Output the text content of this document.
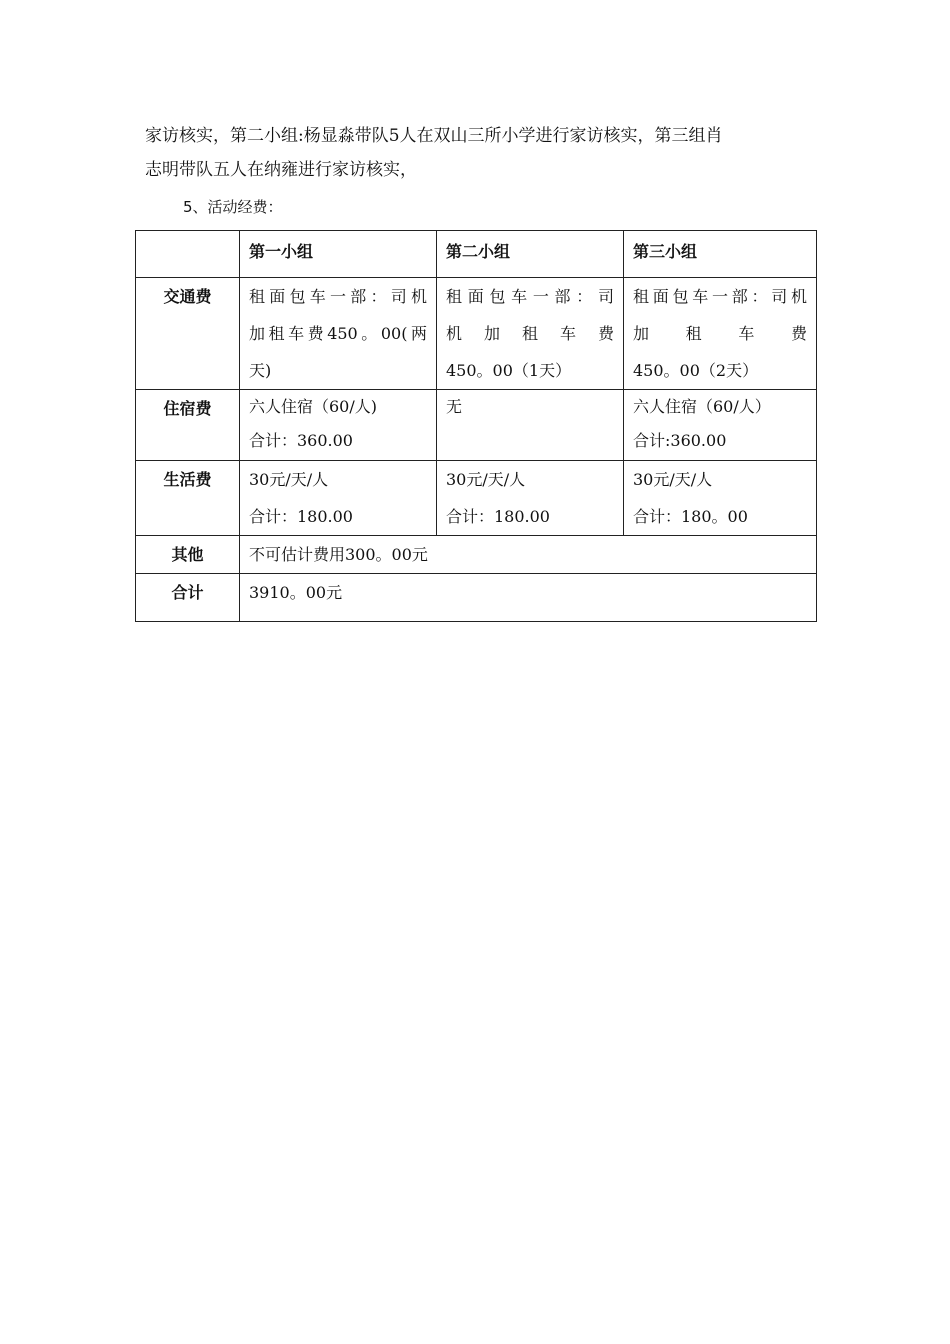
家访核实，第二小组:杨显淼带队5人在双山三所小学进行家访核实，第三组肖

志明带队五人在纳雍进行家访核实，

5、活动经费：
	第一小组	第二小组	第三小组
交通费	租面包车一部：司机
加租车费450。00(两
天)	租面包车一部：司
机 加 租 车 费
450。00（1天）	租面包车一部：司机
加 租 车 费
450。00（2天）

住宿费	六人住宿（60/人)
合计：360.00	无	六人住宿（60/人）
合计:360.00

生活费	30元/天/人
合计：180.00	30元/天/人
合计：180.00	30元/天/人
合计：180。00

其他	不可估计费用300。00元		
合计	3910。00元		
